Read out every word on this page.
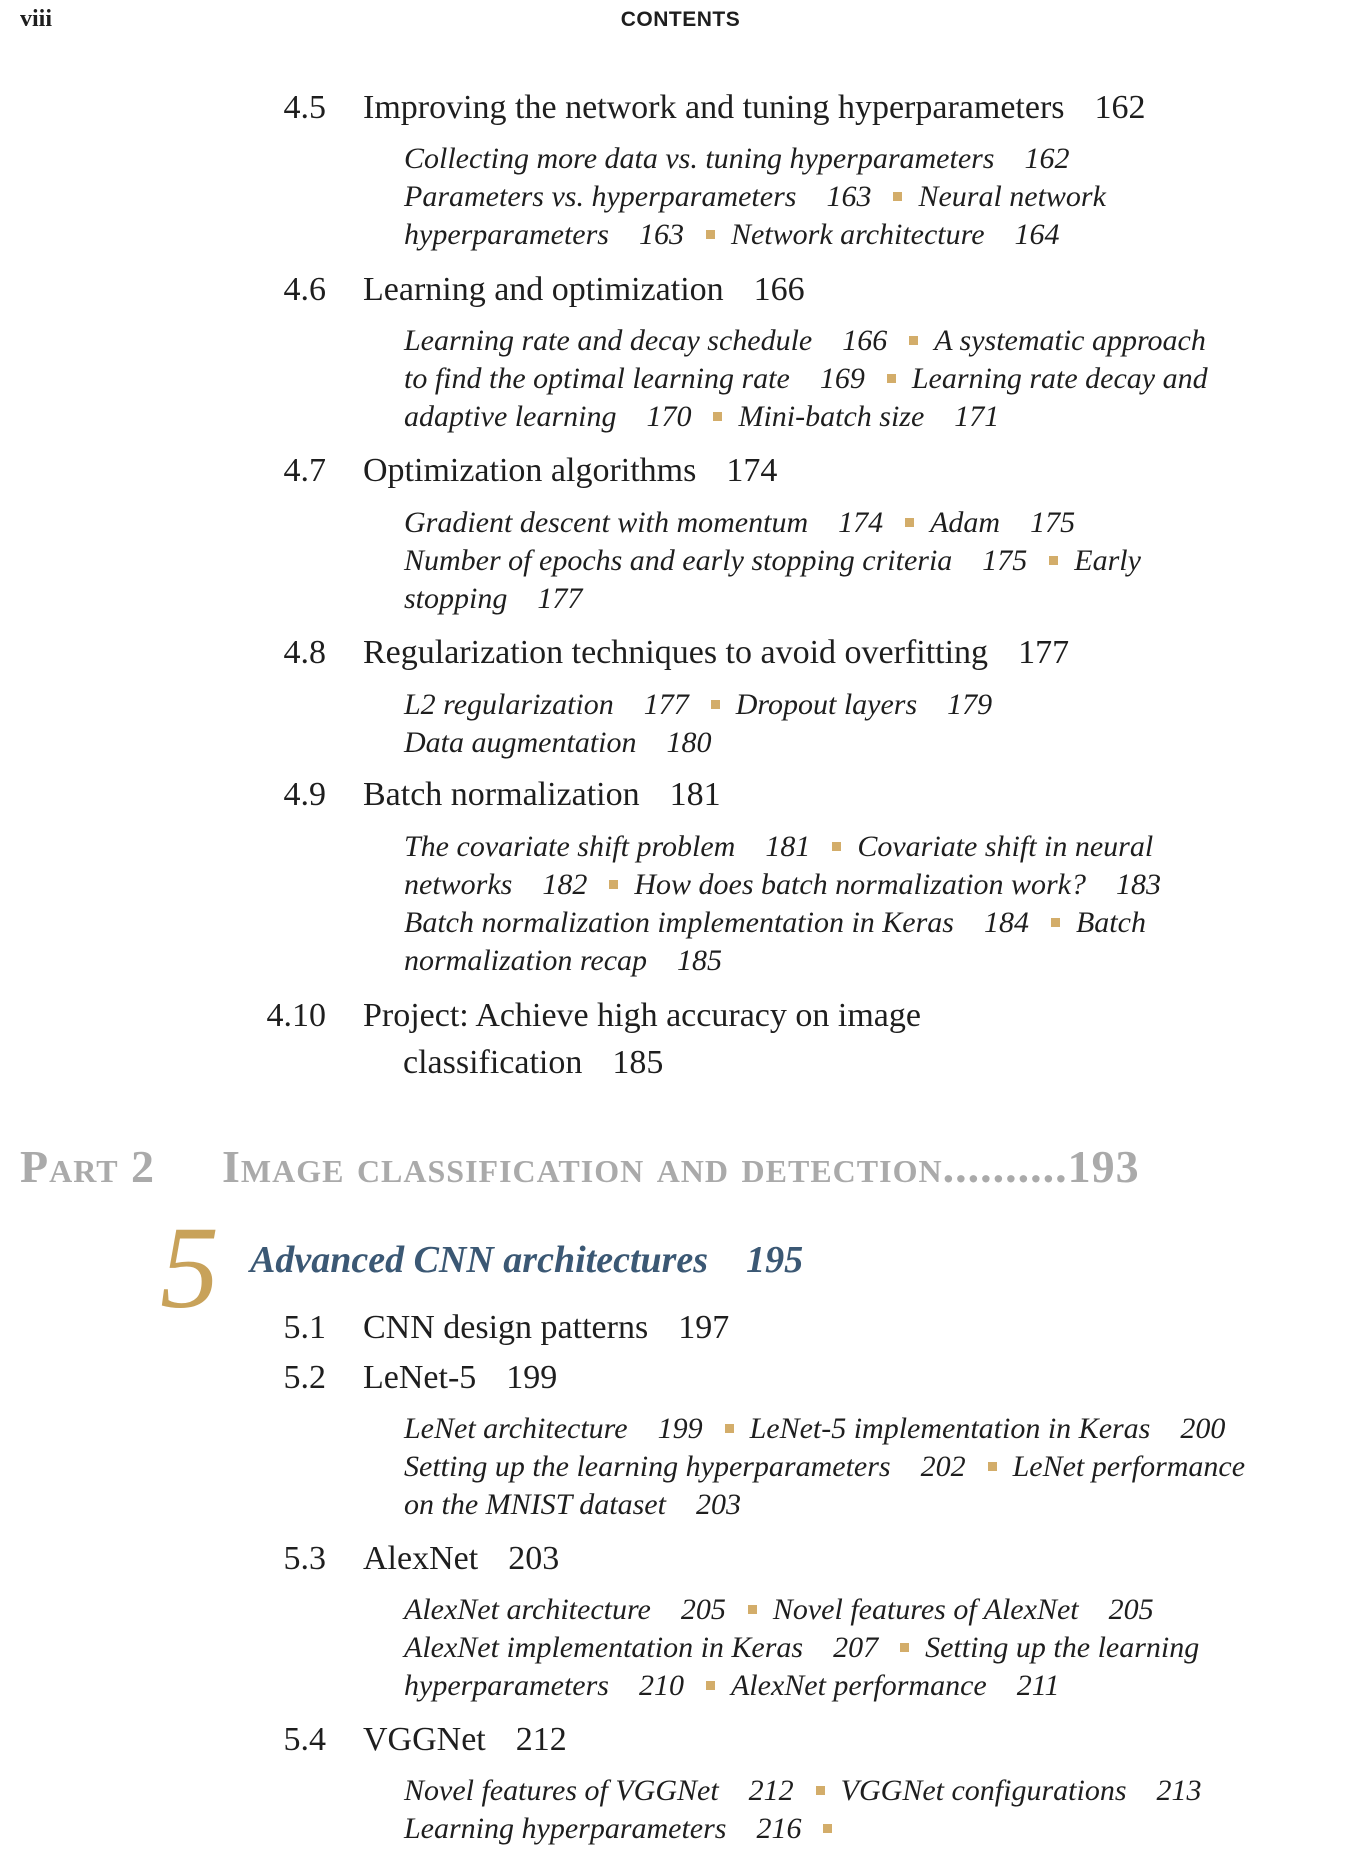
viii	CONTENTS
Part 2 Image classification and detection..........193
5 Advanced CNN architectures 195
4.5 Improving the network and tuning hyperparameters 162
Collecting more data vs. tuning hyperparameters 162
Parameters vs. hyperparameters 163 Neural network
hyperparameters 163 Network architecture 164
4.6 Learning and optimization 166
Learning rate and decay schedule 166 A systematic approach
to find the optimal learning rate 169 Learning rate decay and
adaptive learning 170 Mini-batch size 171
4.7 Optimization algorithms 174
Gradient descent with momentum 174 Adam 175
Number of epochs and early stopping criteria 175 Early
stopping 177
4.8 Regularization techniques to avoid overfitting 177
L2 regularization 177 Dropout layers 179
Data augmentation 180
4.9 Batch normalization 181
The covariate shift problem 181 Covariate shift in neural
networks 182 How does batch normalization work? 183
Batch normalization implementation in Keras 184 Batch
normalization recap 185
4.10 Project: Achieve high accuracy on image
classification 185
5.1 CNN design patterns 197
5.2 LeNet-5 199
LeNet architecture 199 LeNet-5 implementation in Keras 200
Setting up the learning hyperparameters 202 LeNet performance
on the MNIST dataset 203
5.3 AlexNet 203
AlexNet architecture 205 Novel features of AlexNet 205
AlexNet implementation in Keras 207 Setting up the learning
hyperparameters 210 AlexNet performance 211
5.4 VGGNet 212
Novel features of VGGNet 212 VGGNet configurations 213
Learning hyperparameters 216
